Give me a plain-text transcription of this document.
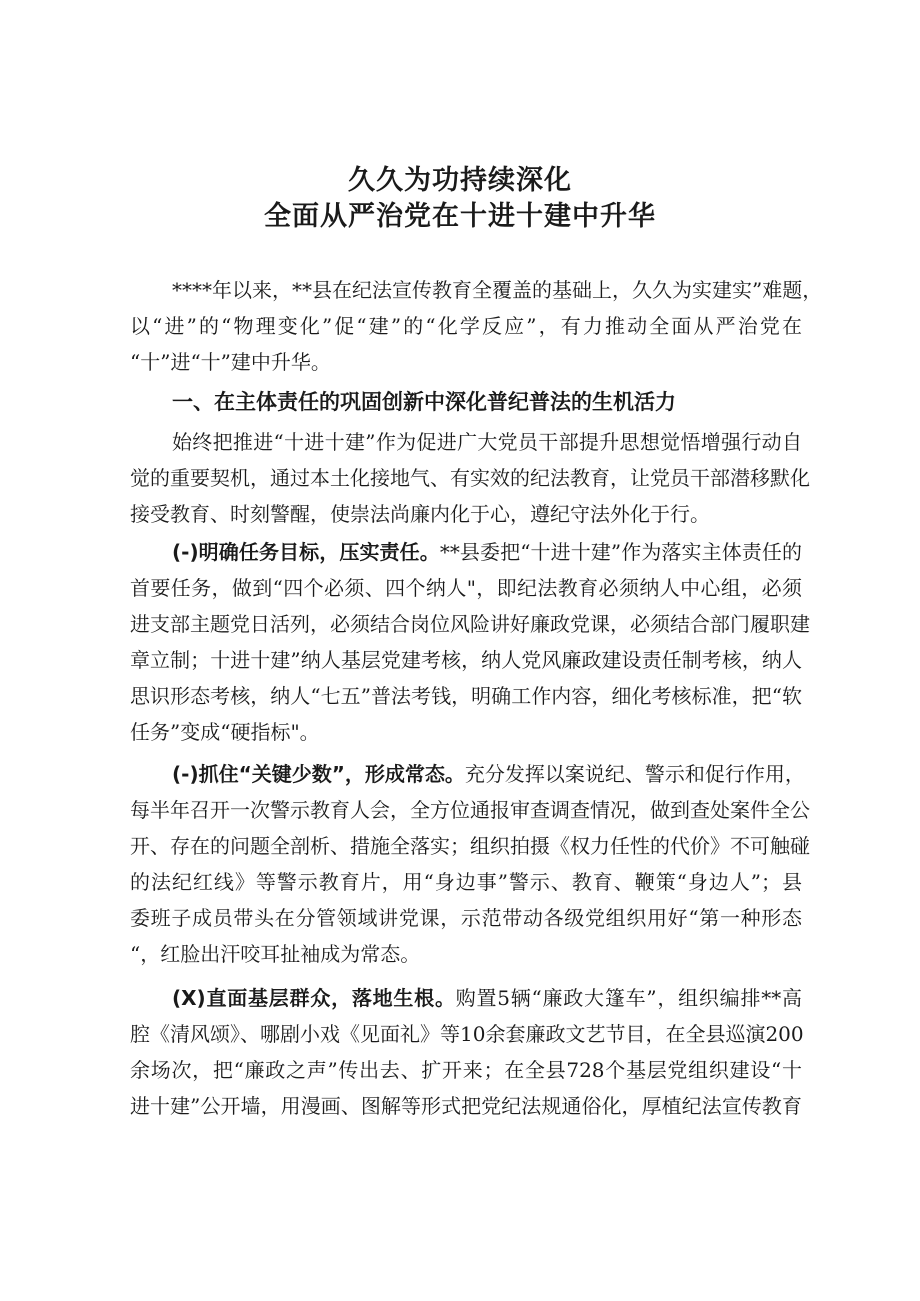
久久为功持续深化
全面从严治党在十进十建中升华
****年以来，**县在纪法宣传教育全覆盖的基础上，久久为实建实”难题，
以“进”的“物理变化”促“建”的“化学反应”，有力推动全面从严治党在
“十”进“十”建中升华。
一、在主体责任的巩固创新中深化普纪普法的生机活力
始终把推进“十进十建”作为促进广大党员干部提升思想觉悟增强行动自
觉的重要契机，通过本土化接地气、有实效的纪法教育，让党员干部潜移默化
接受教育、时刻警醒，使崇法尚廉内化于心，遵纪守法外化于行。
(-)明确任务目标，压实责任。**县委把“十进十建”作为落实主体责任的
首要任务，做到“四个必须、四个纳人"，即纪法教育必须纳人中心组，必须
进支部主题党日活列，必须结合岗位风险讲好廉政党课，必须结合部门履职建
章立制；十进十建”纳人基层党建考核，纳人党风廉政建设责任制考核，纳人
思识形态考核，纳人“七五”普法考钱，明确工作内容，细化考核标准，把“软
任务”变成“硬指标"。
(-)抓住“关键少数”，形成常态。充分发挥以案说纪、警示和促行作用，
每半年召开一次警示教育人会，全方位通报审查调查情况，做到查处案件全公
开、存在的问题全剖析、措施全落实；组织拍摄《权力任性的代价》不可触碰
的法纪红线》等警示教育片，用“身边事”警示、教育、鞭策“身边人”；县
委班子成员带头在分管领域讲党课，示范带动各级党组织用好“第一种形态
“，红脸出汗咬耳扯袖成为常态。
(X)直面基层群众，落地生根。购置5辆“廉政大篷车”，组织编排**高
腔《清风颂》、哪剧小戏《见面礼》等10余套廉政文艺节目，在全县巡演200
余场次，把“廉政之声”传出去、扩开来；在全县728个基层党组织建设“十
进十建”公开墙，用漫画、图解等形式把党纪法规通俗化，厚植纪法宣传教育
